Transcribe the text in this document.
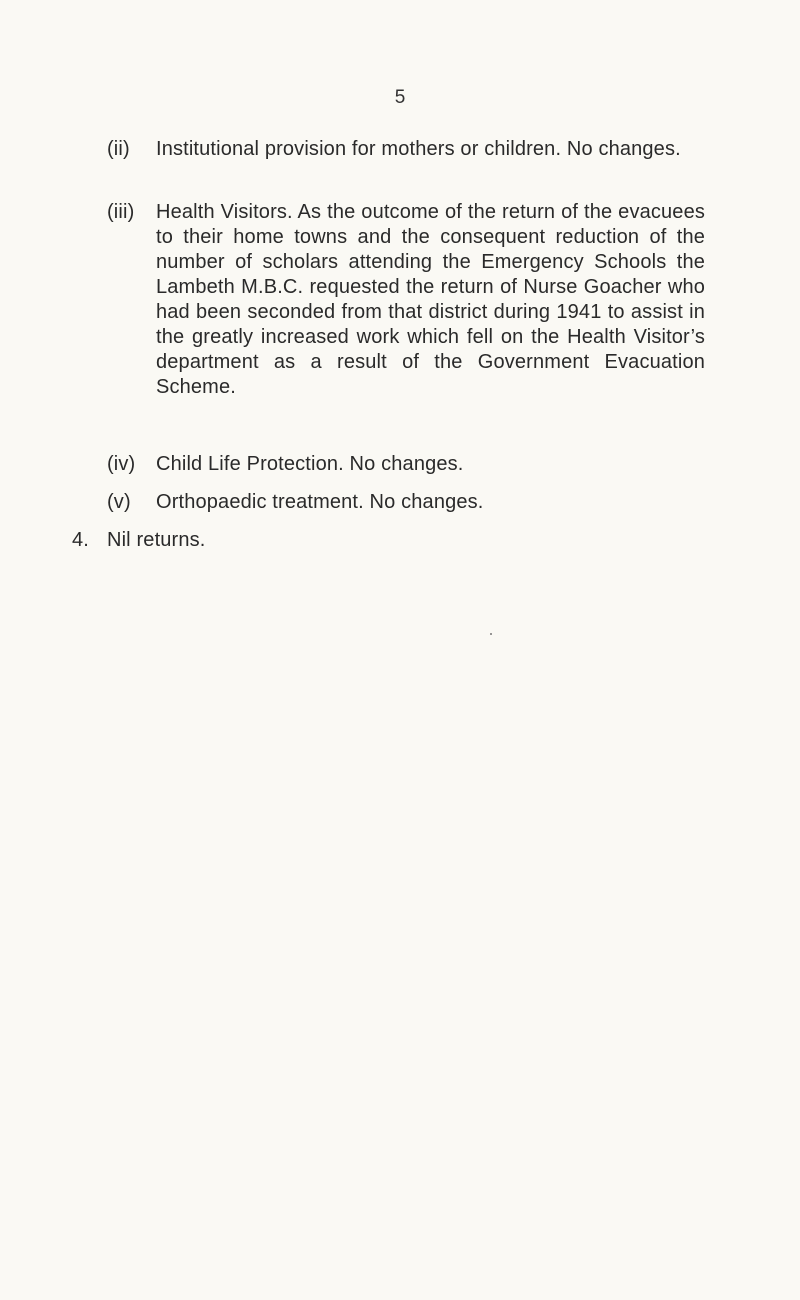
5
(ii) Institutional provision for mothers or children. No changes.
(iii) Health Visitors. As the outcome of the return of the evacuees to their home towns and the consequent reduction of the number of scholars attending the Emergency Schools the Lambeth M.B.C. requested the return of Nurse Goacher who had been seconded from that district during 1941 to assist in the greatly increased work which fell on the Health Visitor’s department as a result of the Government Evacuation Scheme.
(iv) Child Life Protection. No changes.
(v) Orthopaedic treatment. No changes.
4. Nil returns.
